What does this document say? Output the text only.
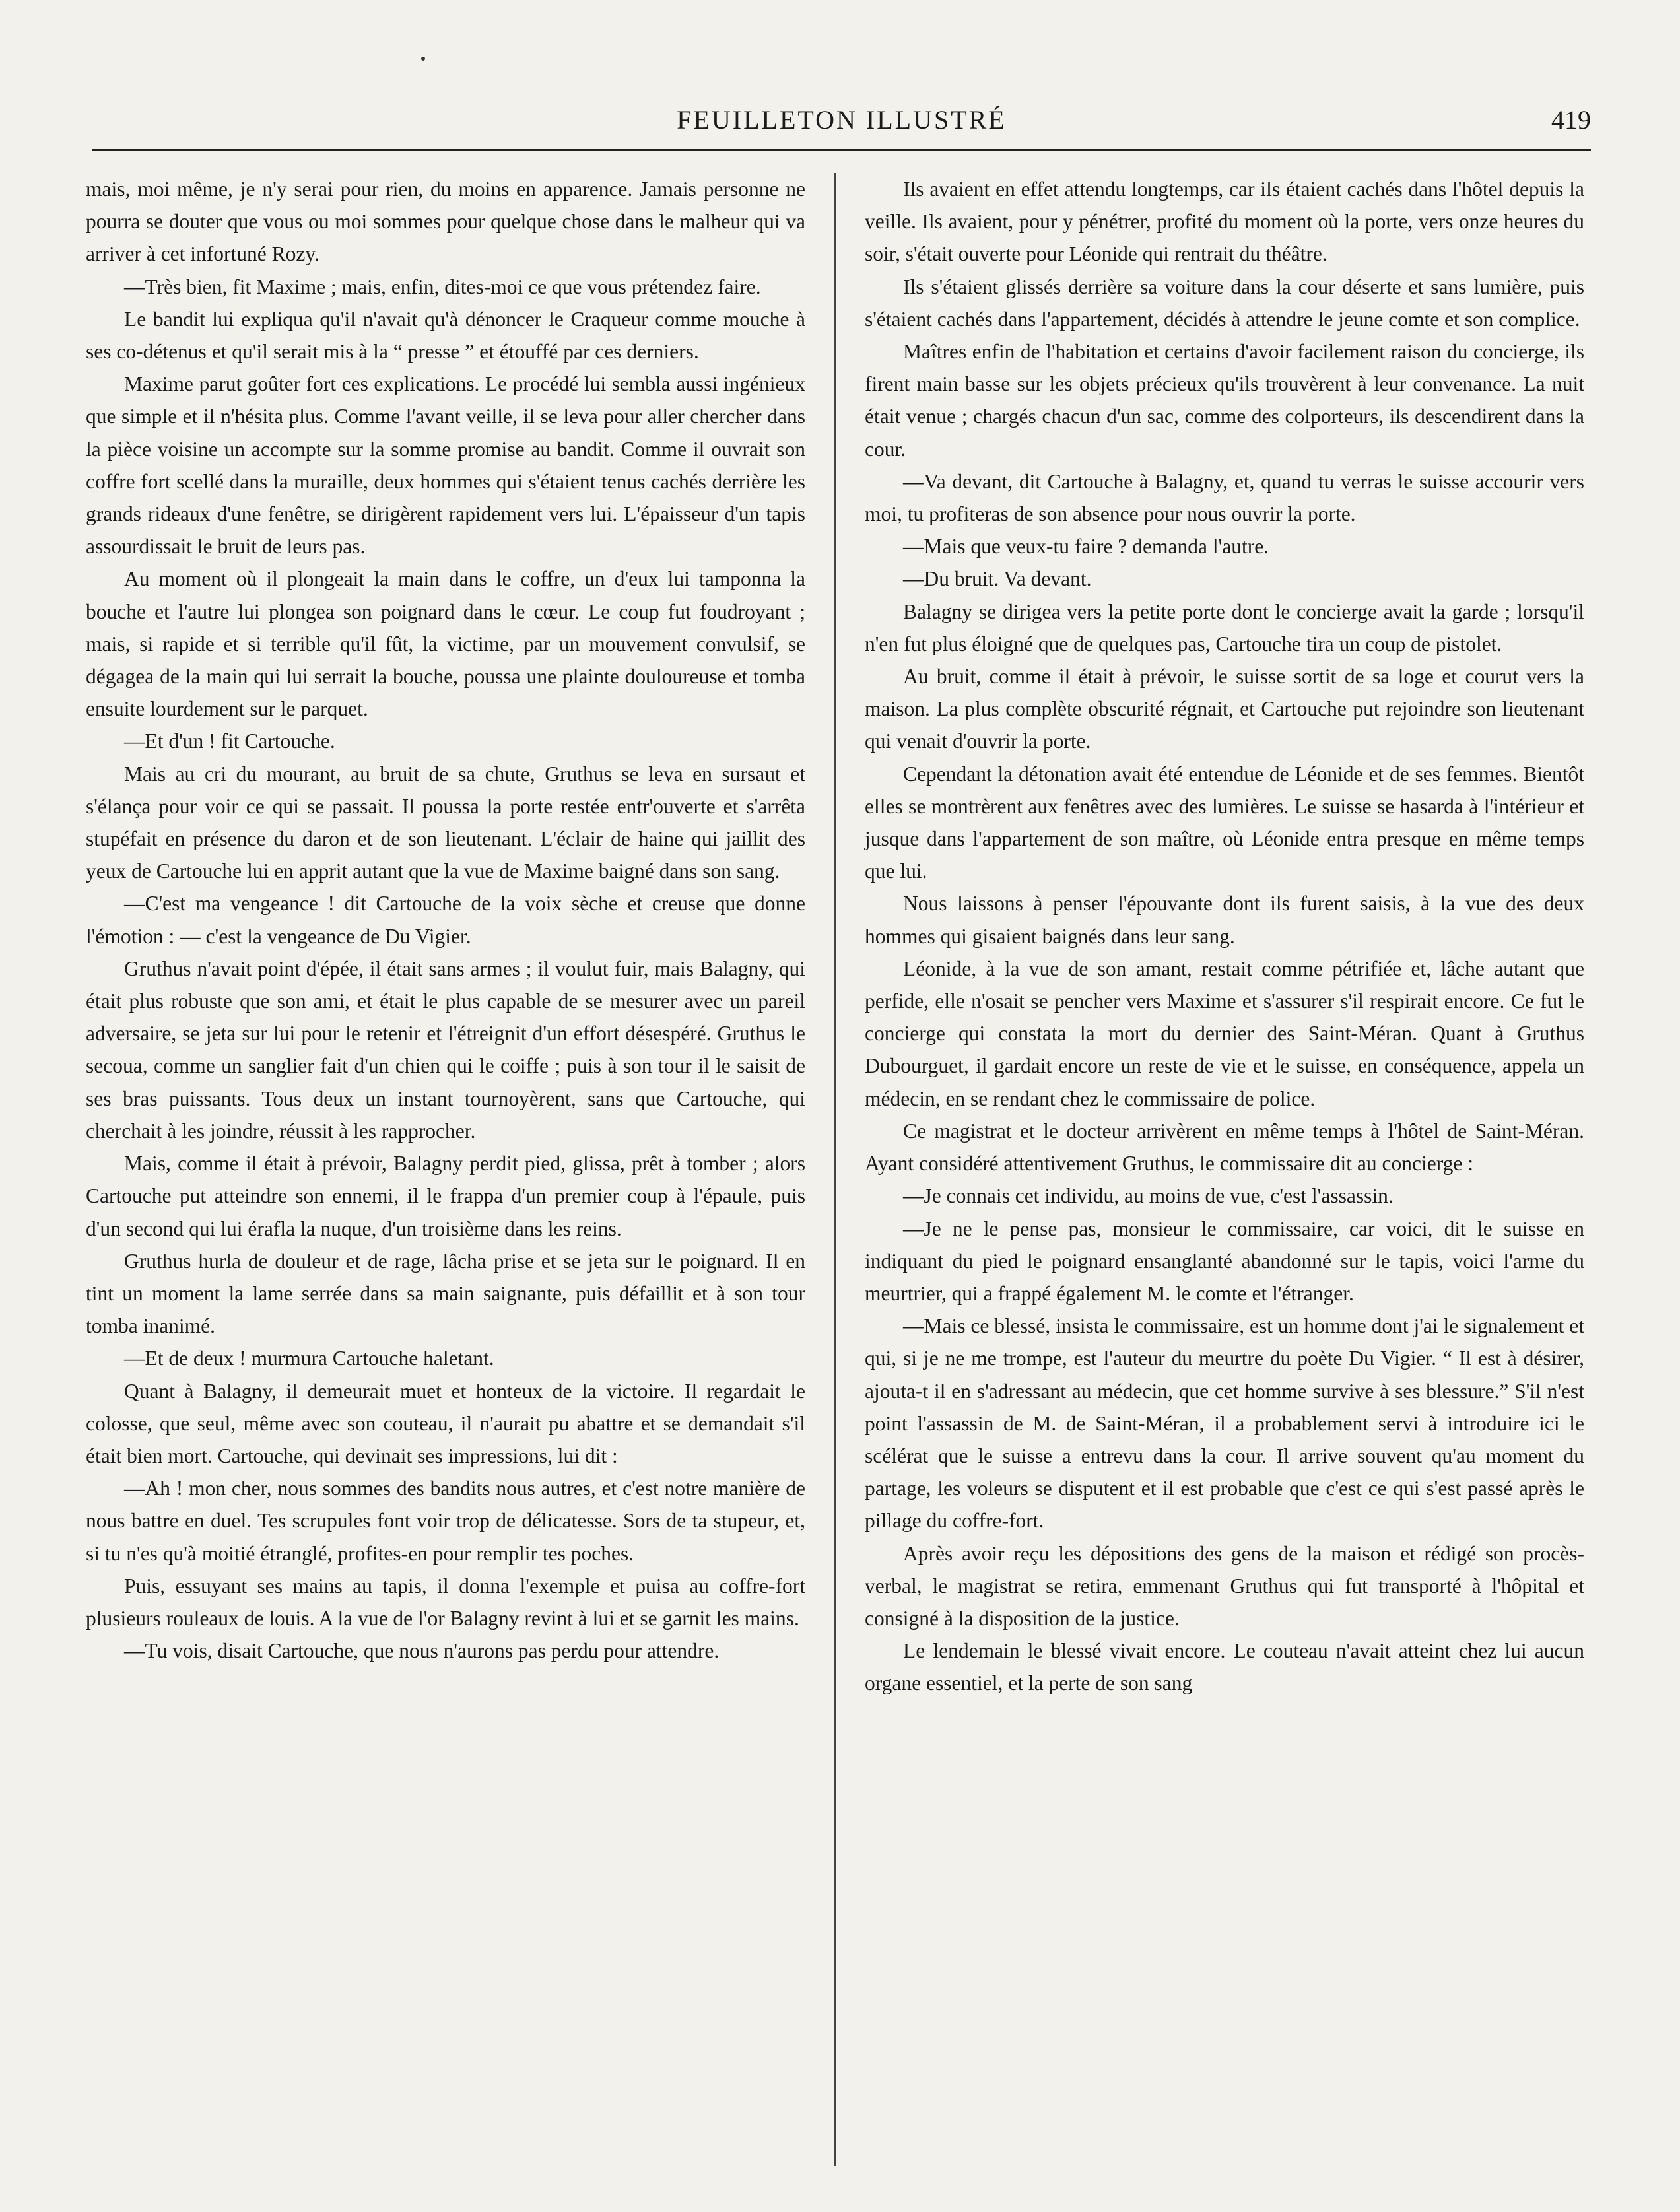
FEUILLETON ILLUSTRÉ	419

mais, moi même, je n'y serai pour rien, du moins en apparence. Jamais personne ne pourra se douter que vous ou moi sommes pour quelque chose dans le malheur qui va arriver à cet infortuné Rozy.

—Très bien, fit Maxime ; mais, enfin, dites-moi ce que vous prétendez faire.

Le bandit lui expliqua qu'il n'avait qu'à dénoncer le Craqueur comme mouche à ses co-détenus et qu'il serait mis à la “ presse ” et étouffé par ces derniers.

Maxime parut goûter fort ces explications. Le procédé lui sembla aussi ingénieux que simple et il n'hésita plus. Comme l'avant veille, il se leva pour aller chercher dans la pièce voisine un accompte sur la somme promise au bandit. Comme il ouvrait son coffre fort scellé dans la muraille, deux hommes qui s'étaient tenus cachés derrière les grands rideaux d'une fenêtre, se dirigèrent rapidement vers lui. L'épaisseur d'un tapis assourdissait le bruit de leurs pas.

Au moment où il plongeait la main dans le coffre, un d'eux lui tamponna la bouche et l'autre lui plongea son poignard dans le cœur. Le coup fut foudroyant ; mais, si rapide et si terrible qu'il fût, la victime, par un mouvement convulsif, se dégagea de la main qui lui serrait la bouche, poussa une plainte douloureuse et tomba ensuite lourdement sur le parquet.

—Et d'un ! fit Cartouche.

Mais au cri du mourant, au bruit de sa chute, Gruthus se leva en sursaut et s'élança pour voir ce qui se passait. Il poussa la porte restée entr'ouverte et s'arrêta stupéfait en présence du daron et de son lieutenant. L'éclair de haine qui jaillit des yeux de Cartouche lui en apprit autant que la vue de Maxime baigné dans son sang.

—C'est ma vengeance ! dit Cartouche de la voix sèche et creuse que donne l'émotion : — c'est la vengeance de Du Vigier.

Gruthus n'avait point d'épée, il était sans armes ; il voulut fuir, mais Balagny, qui était plus robuste que son ami, et était le plus capable de se mesurer avec un pareil adversaire, se jeta sur lui pour le retenir et l'étreignit d'un effort désespéré. Gruthus le secoua, comme un sanglier fait d'un chien qui le coiffe ; puis à son tour il le saisit de ses bras puissants. Tous deux un instant tournoyèrent, sans que Cartouche, qui cherchait à les joindre, réussit à les rapprocher.

Mais, comme il était à prévoir, Balagny perdit pied, glissa, prêt à tomber ; alors Cartouche put atteindre son ennemi, il le frappa d'un premier coup à l'épaule, puis d'un second qui lui érafla la nuque, d'un troisième dans les reins.

Gruthus hurla de douleur et de rage, lâcha prise et se jeta sur le poignard. Il en tint un moment la lame serrée dans sa main saignante, puis défaillit et à son tour tomba inanimé.

—Et de deux ! murmura Cartouche haletant.

Quant à Balagny, il demeurait muet et honteux de la victoire. Il regardait le colosse, que seul, même avec son couteau, il n'aurait pu abattre et se demandait s'il était bien mort. Cartouche, qui devinait ses impressions, lui dit :

—Ah ! mon cher, nous sommes des bandits nous autres, et c'est notre manière de nous battre en duel. Tes scrupules font voir trop de délicatesse. Sors de ta stupeur, et, si tu n'es qu'à moitié étranglé, profites-en pour remplir tes poches.

Puis, essuyant ses mains au tapis, il donna l'exemple et puisa au coffre-fort plusieurs rouleaux de louis. A la vue de l'or Balagny revint à lui et se garnit les mains.

—Tu vois, disait Cartouche, que nous n'aurons pas perdu pour attendre.

Ils avaient en effet attendu longtemps, car ils étaient cachés dans l'hôtel depuis la veille. Ils avaient, pour y pénétrer, profité du moment où la porte, vers onze heures du soir, s'était ouverte pour Léonide qui rentrait du théâtre.

Ils s'étaient glissés derrière sa voiture dans la cour déserte et sans lumière, puis s'étaient cachés dans l'appartement, décidés à attendre le jeune comte et son complice.

Maîtres enfin de l'habitation et certains d'avoir facilement raison du concierge, ils firent main basse sur les objets précieux qu'ils trouvèrent à leur convenance. La nuit était venue ; chargés chacun d'un sac, comme des colporteurs, ils descendirent dans la cour.

—Va devant, dit Cartouche à Balagny, et, quand tu verras le suisse accourir vers moi, tu profiteras de son absence pour nous ouvrir la porte.

—Mais que veux-tu faire ? demanda l'autre.

—Du bruit. Va devant.

Balagny se dirigea vers la petite porte dont le concierge avait la garde ; lorsqu'il n'en fut plus éloigné que de quelques pas, Cartouche tira un coup de pistolet.

Au bruit, comme il était à prévoir, le suisse sortit de sa loge et courut vers la maison. La plus complète obscurité régnait, et Cartouche put rejoindre son lieutenant qui venait d'ouvrir la porte.

Cependant la détonation avait été entendue de Léonide et de ses femmes. Bientôt elles se montrèrent aux fenêtres avec des lumières. Le suisse se hasarda à l'intérieur et jusque dans l'appartement de son maître, où Léonide entra presque en même temps que lui.

Nous laissons à penser l'épouvante dont ils furent saisis, à la vue des deux hommes qui gisaient baignés dans leur sang.

Léonide, à la vue de son amant, restait comme pétrifiée et, lâche autant que perfide, elle n'osait se pencher vers Maxime et s'assurer s'il respirait encore. Ce fut le concierge qui constata la mort du dernier des Saint-Méran. Quant à Gruthus Dubourguet, il gardait encore un reste de vie et le suisse, en conséquence, appela un médecin, en se rendant chez le commissaire de police.

Ce magistrat et le docteur arrivèrent en même temps à l'hôtel de Saint-Méran. Ayant considéré attentivement Gruthus, le commissaire dit au concierge :

—Je connais cet individu, au moins de vue, c'est l'assassin.

—Je ne le pense pas, monsieur le commissaire, car voici, dit le suisse en indiquant du pied le poignard ensanglanté abandonné sur le tapis, voici l'arme du meurtrier, qui a frappé également M. le comte et l'étranger.

—Mais ce blessé, insista le commissaire, est un homme dont j'ai le signalement et qui, si je ne me trompe, est l'auteur du meurtre du poète Du Vigier. “ Il est à désirer, ajouta-t il en s'adressant au médecin, que cet homme survive à ses blessure.” S'il n'est point l'assassin de M. de Saint-Méran, il a probablement servi à introduire ici le scélérat que le suisse a entrevu dans la cour. Il arrive souvent qu'au moment du partage, les voleurs se disputent et il est probable que c'est ce qui s'est passé après le pillage du coffre-fort.

Après avoir reçu les dépositions des gens de la maison et rédigé son procès-verbal, le magistrat se retira, emmenant Gruthus qui fut transporté à l'hôpital et consigné à la disposition de la justice.

Le lendemain le blessé vivait encore. Le couteau n'avait atteint chez lui aucun organe essentiel, et la perte de son sang
